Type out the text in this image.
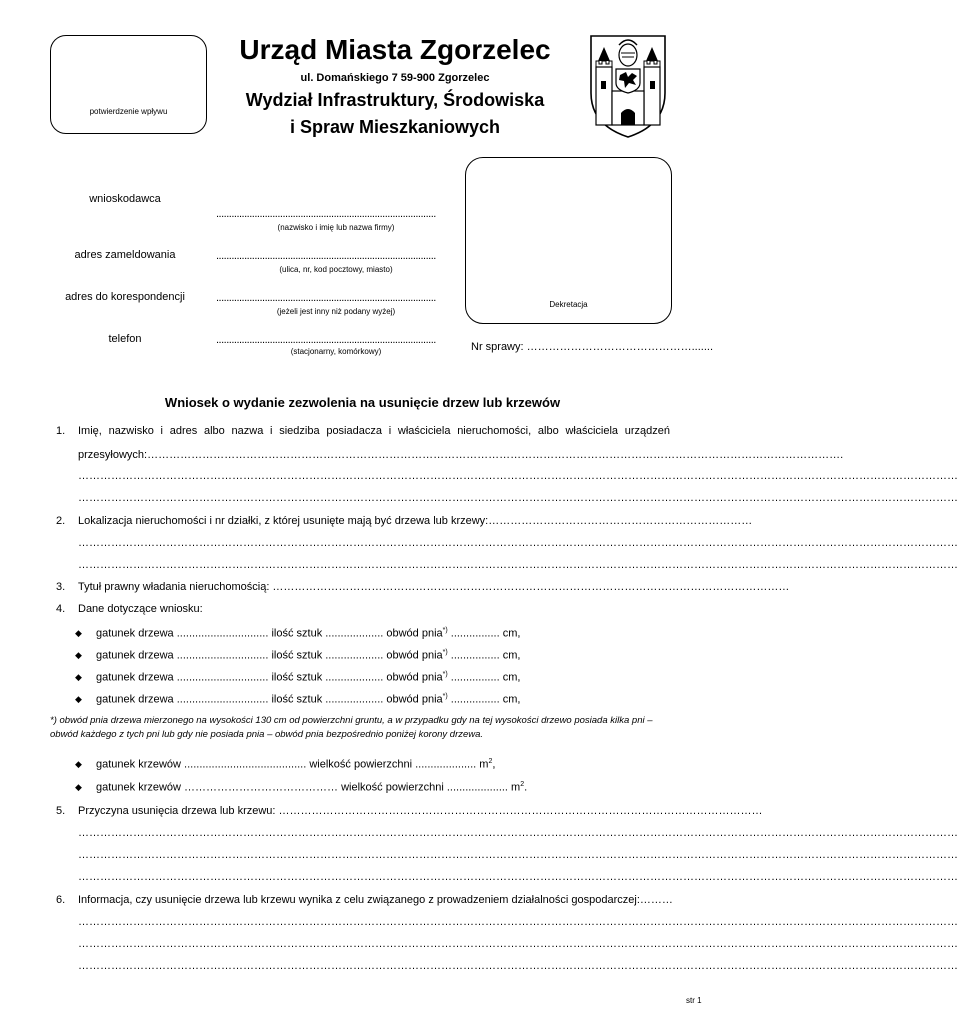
potwierdzenie wpływu
Urząd Miasta Zgorzelec
ul. Domańskiego 7 59-900 Zgorzelec
Wydział Infrastruktury, Środowiska
i Spraw Mieszkaniowych
wnioskodawca
......................................................................................
(nazwisko i imię lub nazwa firmy)
adres zameldowania	......................................................................................
(ulica, nr, kod pocztowy, miasto)
adres do korespondencji	......................................................................................
(jeżeli jest inny niż podany wyżej)
telefon	......................................................................................
(stacjonarny, komórkowy)
Dekretacja
Nr sprawy: ……………………………………….......
Wniosek o wydanie zezwolenia na usunięcie drzew lub krzewów
1. Imię, nazwisko i adres albo nazwa i siedziba posiadacza i właściciela nieruchomości, albo właściciela urządzeń
przesyłowych:……………………………………………………………………………………………………………………………………………………………………….
……………………………………………………………………………………………………………………………………………………………………………………………………………………
……………………………………………………………………………………………………………………………………………………………………………………………………………………
2. Lokalizacja nieruchomości i nr działki, z której usunięte mają być drzewa lub krzewy:………………………………………………………………
……………………………………………………………………………………………………………………………………………………………………………………………………………………
……………………………………………………………………………………………………………………………………………………………………………………………………………………
3. Tytuł prawny władania nieruchomością: ……………………………………………………………………………………………………………………………
4. Dane dotyczące wniosku:
◆ gatunek drzewa .............................. ilość sztuk ................... obwód pnia*) ................ cm,
◆ gatunek drzewa .............................. ilość sztuk ................... obwód pnia*) ................ cm,
◆ gatunek drzewa .............................. ilość sztuk ................... obwód pnia*) ................ cm,
◆ gatunek drzewa .............................. ilość sztuk ................... obwód pnia*) ................ cm,
*) obwód pnia drzewa mierzonego na wysokości 130 cm od powierzchni gruntu, a w przypadku gdy na tej wysokości drzewo posiada kilka pni – obwód każdego z tych pni lub gdy nie posiada pnia – obwód pnia bezpośrednio poniżej korony drzewa.
◆ gatunek krzewów ........................................ wielkość powierzchni .................... $m^2$,
◆ gatunek krzewów …………………………………… wielkość powierzchni .................... $m^2$.
5. Przyczyna usunięcia drzewa lub krzewu: ……………………………………………………………………………………………………………………
……………………………………………………………………………………………………………………………………………………………………………………………………………………
……………………………………………………………………………………………………………………………………………………………………………………………………………………
……………………………………………………………………………………………………………………………………………………………………………………………………………………
6. Informacja, czy usunięcie drzewa lub krzewu wynika z celu związanego z prowadzeniem działalności gospodarczej:………
……………………………………………………………………………………………………………………………………………………………………………………………………………………
……………………………………………………………………………………………………………………………………………………………………………………………………………………
……………………………………………………………………………………………………………………………………………………………………………………………………………………
str 1
